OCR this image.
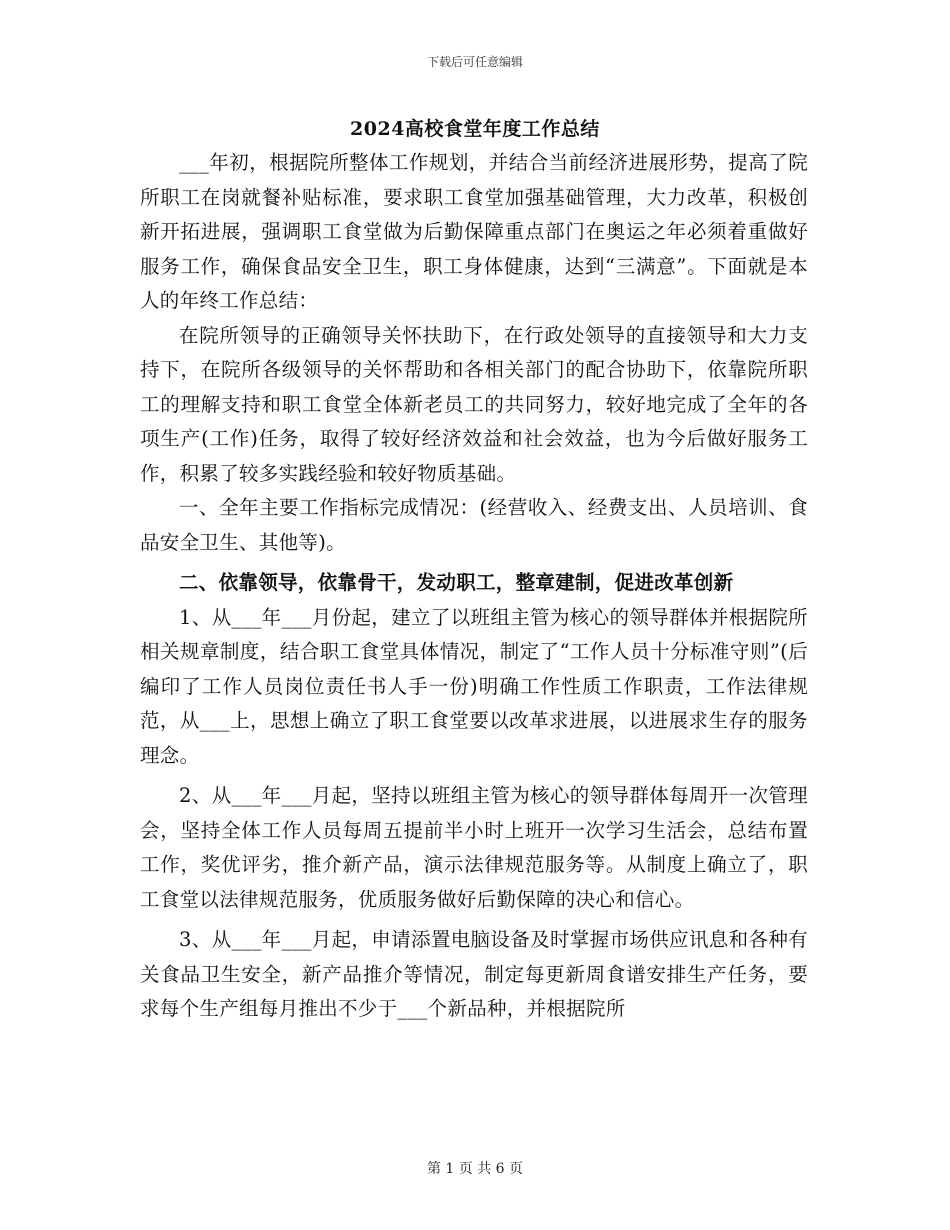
下载后可任意编辑
2024高校食堂年度工作总结

___年初，根据院所整体工作规划，并结合当前经济进展形势，提高了院所职工在岗就餐补贴标准，要求职工食堂加强基础管理，大力改革，积极创新开拓进展，强调职工食堂做为后勤保障重点部门在奥运之年必须着重做好服务工作，确保食品安全卫生，职工身体健康，达到“三满意”。下面就是本人的年终工作总结：

在院所领导的正确领导关怀扶助下，在行政处领导的直接领导和大力支持下，在院所各级领导的关怀帮助和各相关部门的配合协助下，依靠院所职工的理解支持和职工食堂全体新老员工的共同努力，较好地完成了全年的各项生产(工作)任务，取得了较好经济效益和社会效益，也为今后做好服务工作，积累了较多实践经验和较好物质基础。

一、全年主要工作指标完成情况：(经营收入、经费支出、人员培训、食品安全卫生、其他等)。

二、依靠领导，依靠骨干，发动职工，整章建制，促进改革创新

1、从___年___月份起，建立了以班组主管为核心的领导群体并根据院所相关规章制度，结合职工食堂具体情况，制定了“工作人员十分标准守则”(后编印了工作人员岗位责任书人手一份)明确工作性质工作职责，工作法律规范，从___上，思想上确立了职工食堂要以改革求进展，以进展求生存的服务理念。

2、从___年___月起，坚持以班组主管为核心的领导群体每周开一次管理会，坚持全体工作人员每周五提前半小时上班开一次学习生活会，总结布置工作，奖优评劣，推介新产品，演示法律规范服务等。从制度上确立了，职工食堂以法律规范服务，优质服务做好后勤保障的决心和信心。

3、从___年___月起，申请添置电脑设备及时掌握市场供应讯息和各种有关食品卫生安全，新产品推介等情况，制定每更新周食谱安排生产任务，要求每个生产组每月推出不少于___个新品种，并根据院所

第 1 页 共 6 页
